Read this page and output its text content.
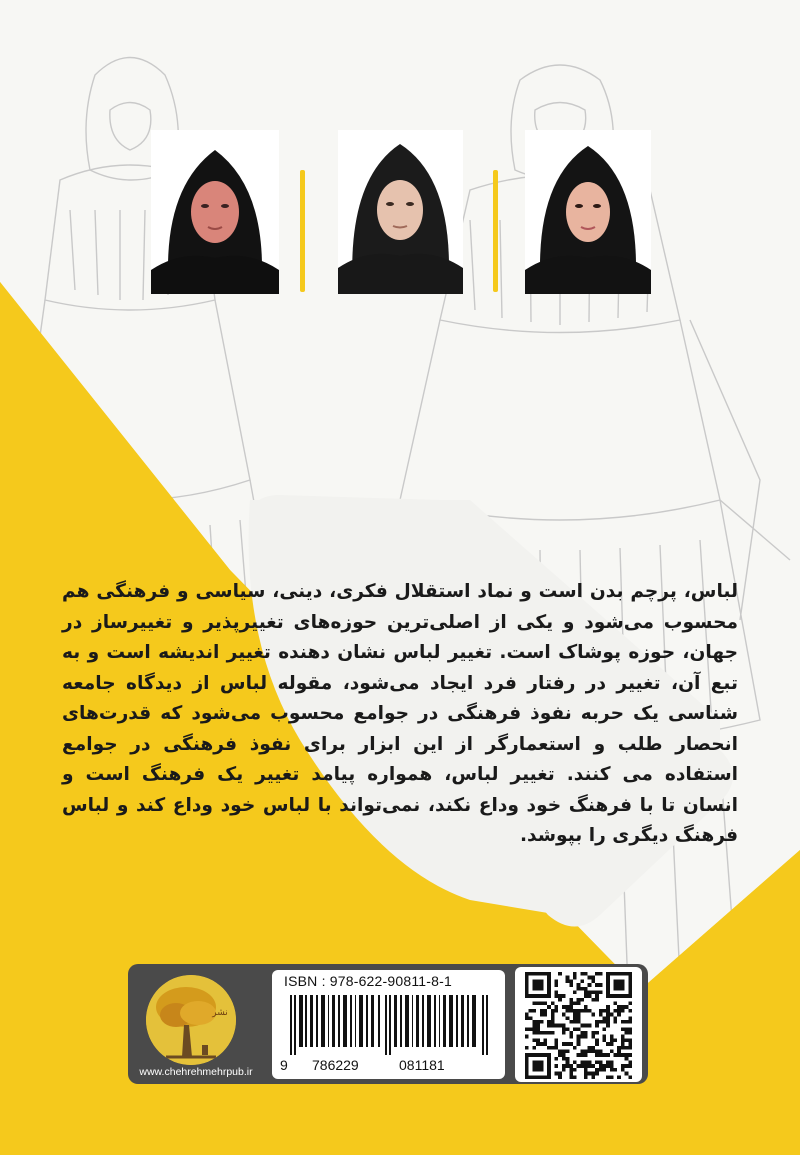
لباس، پرچم بدن است و نماد استقلال فکری، دینی، سیاسی و فرهنگی هم محسوب می‌شود و یکی از اصلی‌ترین حوزه‌های تغییرپذیر و تغییرساز در جهان، حوزه پوشاک است. تغییر لباس نشان دهنده تغییر اندیشه است و به تبع آن، تغییر در رفتار فرد ایجاد می‌شود، مقوله لباس از دیدگاه جامعه شناسی یک حربه نفوذ فرهنگی در جوامع محسوب می‌شود که قدرت‌های انحصار طلب و استعمارگر از این ابزار برای نفوذ فرهنگی در جوامع استفاده می کنند. تغییر لباس، همواره پیامد تغییر یک فرهنگ است و انسان تا با فرهنگ خود وداع نکند، نمی‌تواند با لباس خود وداع کند و لباس فرهنگ دیگری را بپوشد.
نشر
www.chehrehmehrpub.ir
ISBN : 978-622-90811-8-1
9 786229	081181
